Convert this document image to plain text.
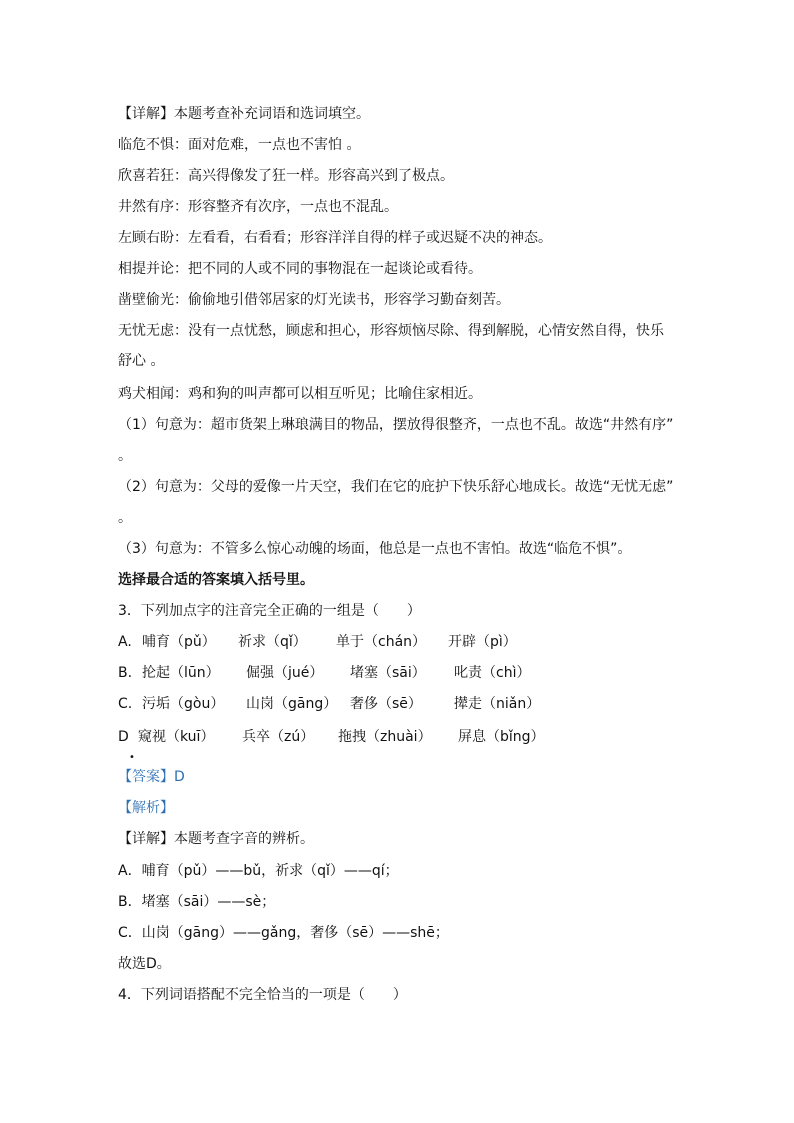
【详解】本题考查补充词语和选词填空。
临危不惧：面对危难，一点也不害怕 。
欣喜若狂：高兴得像发了狂一样。形容高兴到了极点。
井然有序：形容整齐有次序，一点也不混乱。
左顾右盼：左看看，右看看；形容洋洋自得的样子或迟疑不决的神态。
相提并论：把不同的人或不同的事物混在一起谈论或看待。
凿壁偷光：偷偷地引借邻居家的灯光读书，形容学习勤奋刻苦。
无忧无虑：没有一点忧愁，顾虑和担心，形容烦恼尽除、得到解脱，心情安然自得，快乐
舒心 。
鸡犬相闻：鸡和狗的叫声都可以相互听见；比喻住家相近。
（1）句意为：超市货架上琳琅满目的物品，摆放得很整齐，一点也不乱。故选“井然有序”
。
（2）句意为：父母的爱像一片天空，我们在它的庇护下快乐舒心地成长。故选“无忧无虑”
。
（3）句意为：不管多么惊心动魄的场面，他总是一点也不害怕。故选“临危不惧”。
选择最合适的答案填入括号里。
3．下列加点字的注音完全正确的一组是（　　）
A. 哺育（pǔ） 祈求（qǐ） 单于（chán） 开辟（pì）
B. 抡起（lūn） 倔强（jué） 堵塞（sāi） 叱责（chì）
C. 污垢（gòu） 山岗（gāng） 奢侈（sē） 撵走（niǎn）
D 窥视（kuī） 兵卒（zú） 拖拽（zhuài） 屏息（bǐng）
•
【答案】D
【解析】
【详解】本题考查字音的辨析。
A．哺育（pǔ）——bǔ，祈求（qǐ）——qí；
B．堵塞（sāi）——sè；
C．山岗（gāng）——gǎng，奢侈（sē）——shē；
故选D。
4．下列词语搭配不完全恰当的一项是（　　）
